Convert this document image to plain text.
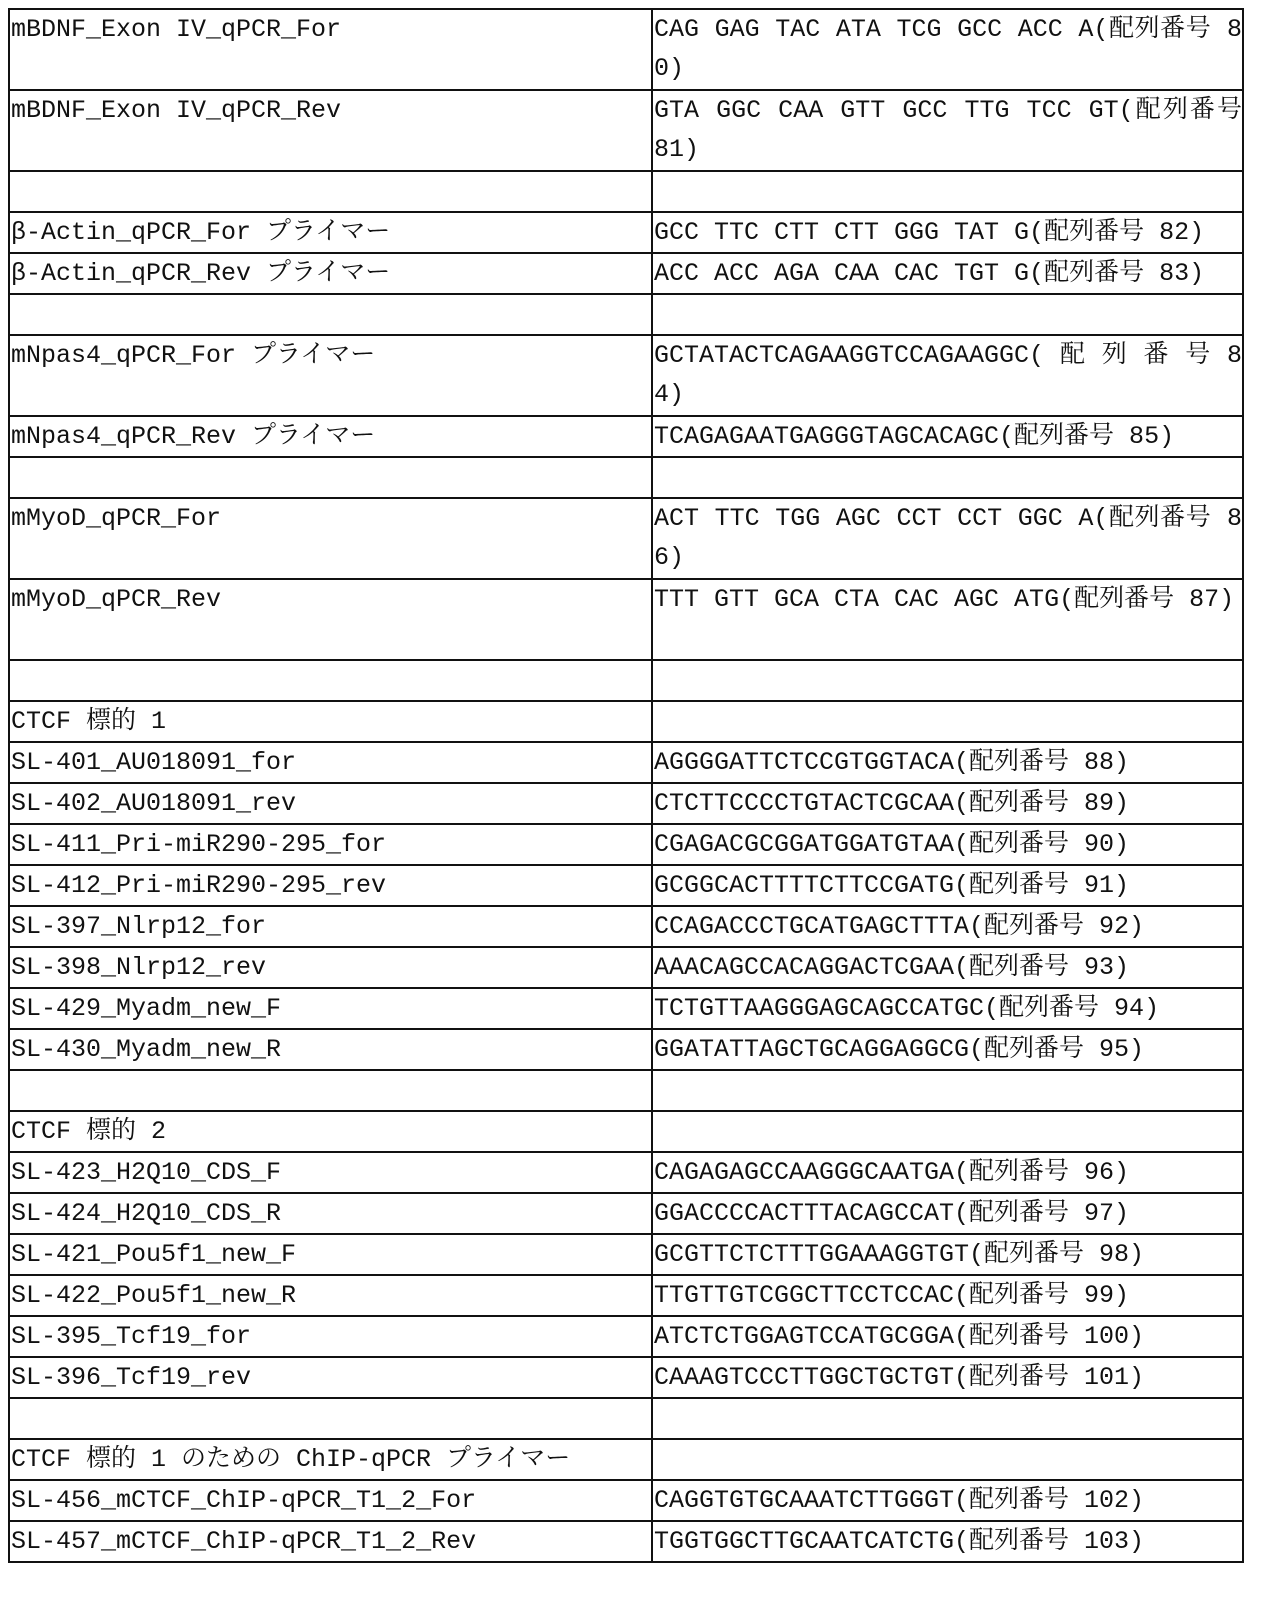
mBDNF_Exon IV_qPCR_For	CAG GAG TAC ATA TCG GCC ACC A(配列番号 80)
mBDNF_Exon IV_qPCR_Rev	GTA GGC CAA GTT GCC TTG TCC GT(配列番号 81)

β-Actin_qPCR_For プライマー	GCC TTC CTT CTT GGG TAT G(配列番号 82)
β-Actin_qPCR_Rev プライマー	ACC ACC AGA CAA CAC TGT G(配列番号 83)

mNpas4_qPCR_For プライマー	GCTATACTCAGAAGGTCCAGAAGGC( 配 列 番 号 84)
mNpas4_qPCR_Rev プライマー	TCAGAGAATGAGGGTAGCACAGC(配列番号 85)

mMyoD_qPCR_For	ACT TTC TGG AGC CCT CCT GGC A(配列番号 86)
mMyoD_qPCR_Rev	TTT GTT GCA CTA CAC AGC ATG(配列番号 87)

CTCF 標的 1	
SL-401_AU018091_for	AGGGGATTCTCCGTGGTACA(配列番号 88)
SL-402_AU018091_rev	CTCTTCCCCTGTACTCGCAA(配列番号 89)
SL-411_Pri-miR290-295_for	CGAGACGCGGATGGATGTAA(配列番号 90)
SL-412_Pri-miR290-295_rev	GCGGCACTTTTCTTCCGATG(配列番号 91)
SL-397_Nlrp12_for	CCAGACCCTGCATGAGCTTTA(配列番号 92)
SL-398_Nlrp12_rev	AAACAGCCACAGGACTCGAA(配列番号 93)
SL-429_Myadm_new_F	TCTGTTAAGGGAGCAGCCATGC(配列番号 94)
SL-430_Myadm_new_R	GGATATTAGCTGCAGGAGGCG(配列番号 95)

CTCF 標的 2	
SL-423_H2Q10_CDS_F	CAGAGAGCCAAGGGCAATGA(配列番号 96)
SL-424_H2Q10_CDS_R	GGACCCCACTTTACAGCCAT(配列番号 97)
SL-421_Pou5f1_new_F	GCGTTCTCTTTGGAAAGGTGT(配列番号 98)
SL-422_Pou5f1_new_R	TTGTTGTCGGCTTCCTCCAC(配列番号 99)
SL-395_Tcf19_for	ATCTCTGGAGTCCATGCGGA(配列番号 100)
SL-396_Tcf19_rev	CAAAGTCCCTTGGCTGCTGT(配列番号 101)

CTCF 標的 1 のための ChIP-qPCR プライマー	
SL-456_mCTCF_ChIP-qPCR_T1_2_For	CAGGTGTGCAAATCTTGGGT(配列番号 102)
SL-457_mCTCF_ChIP-qPCR_T1_2_Rev	TGGTGGCTTGCAATCATCTG(配列番号 103)
